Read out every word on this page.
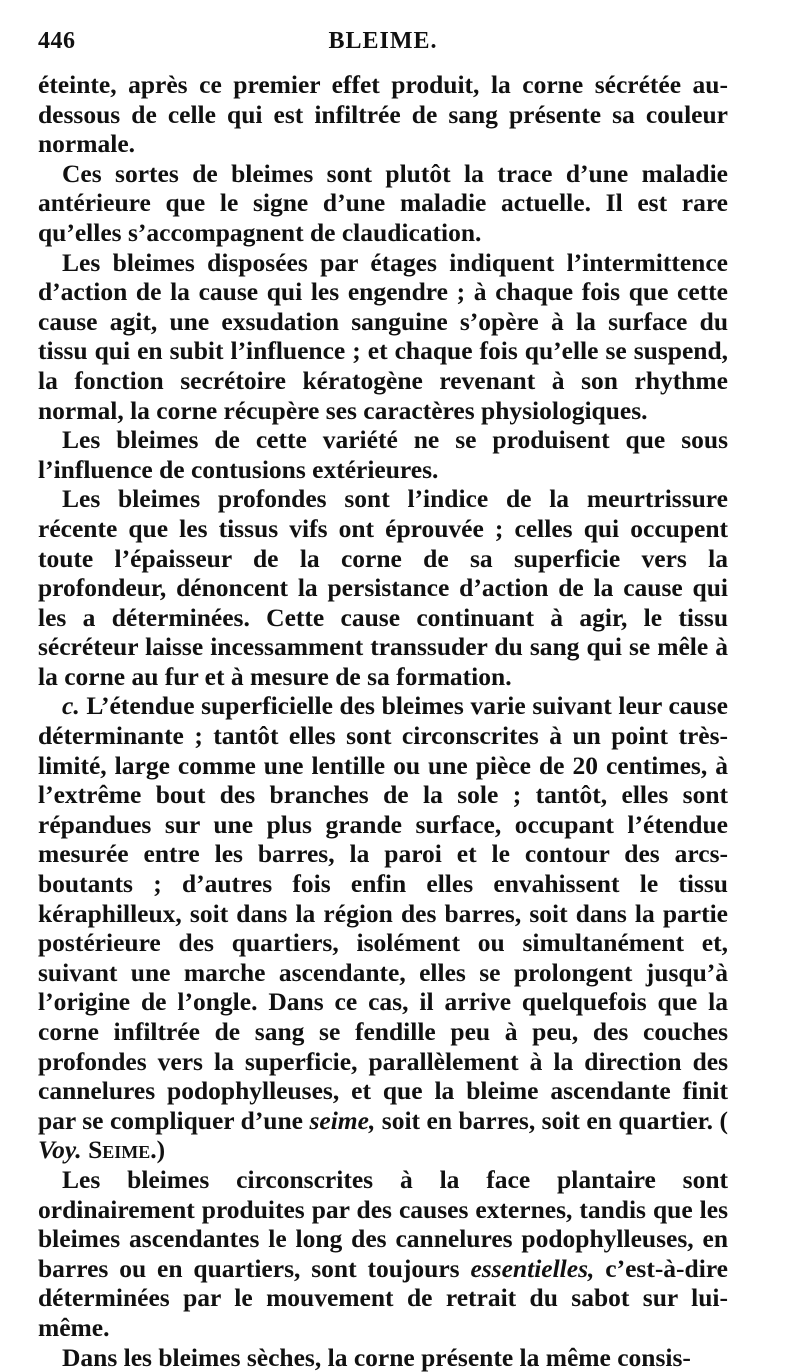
446	BLEIME.

éteinte, après ce premier effet produit, la corne sécrétée au-dessous de celle qui est infiltrée de sang présente sa couleur normale.

Ces sortes de bleimes sont plutôt la trace d’une maladie antérieure que le signe d’une maladie actuelle. Il est rare qu’elles s’accompagnent de claudication.

Les bleimes disposées par étages indiquent l’intermittence d’action de la cause qui les engendre ; à chaque fois que cette cause agit, une exsudation sanguine s’opère à la surface du tissu qui en subit l’influence ; et chaque fois qu’elle se suspend, la fonction secrétoire kératogène revenant à son rhythme normal, la corne récupère ses caractères physiologiques.

Les bleimes de cette variété ne se produisent que sous l’influence de contusions extérieures.

Les bleimes profondes sont l’indice de la meurtrissure récente que les tissus vifs ont éprouvée ; celles qui occupent toute l’épaisseur de la corne de sa superficie vers la profondeur, dénoncent la persistance d’action de la cause qui les a déterminées. Cette cause continuant à agir, le tissu sécréteur laisse incessamment transsuder du sang qui se mêle à la corne au fur et à mesure de sa formation.

c. L’étendue superficielle des bleimes varie suivant leur cause déterminante ; tantôt elles sont circonscrites à un point très-limité, large comme une lentille ou une pièce de 20 centimes, à l’extrême bout des branches de la sole ; tantôt, elles sont répandues sur une plus grande surface, occupant l’étendue mesurée entre les barres, la paroi et le contour des arcs-boutants ; d’autres fois enfin elles envahissent le tissu kéraphilleux, soit dans la région des barres, soit dans la partie postérieure des quartiers, isolément ou simultanément et, suivant une marche ascendante, elles se prolongent jusqu’à l’origine de l’ongle. Dans ce cas, il arrive quelquefois que la corne infiltrée de sang se fendille peu à peu, des couches profondes vers la superficie, parallèlement à la direction des cannelures podophylleuses, et que la bleime ascendante finit par se compliquer d’une seime, soit en barres, soit en quartier. ( Voy. Seime.)

Les bleimes circonscrites à la face plantaire sont ordinairement produites par des causes externes, tandis que les bleimes ascendantes le long des cannelures podophylleuses, en barres ou en quartiers, sont toujours essentielles, c’est-à-dire déterminées par le mouvement de retrait du sabot sur lui-même.

Dans les bleimes sèches, la corne présente la même consis-
